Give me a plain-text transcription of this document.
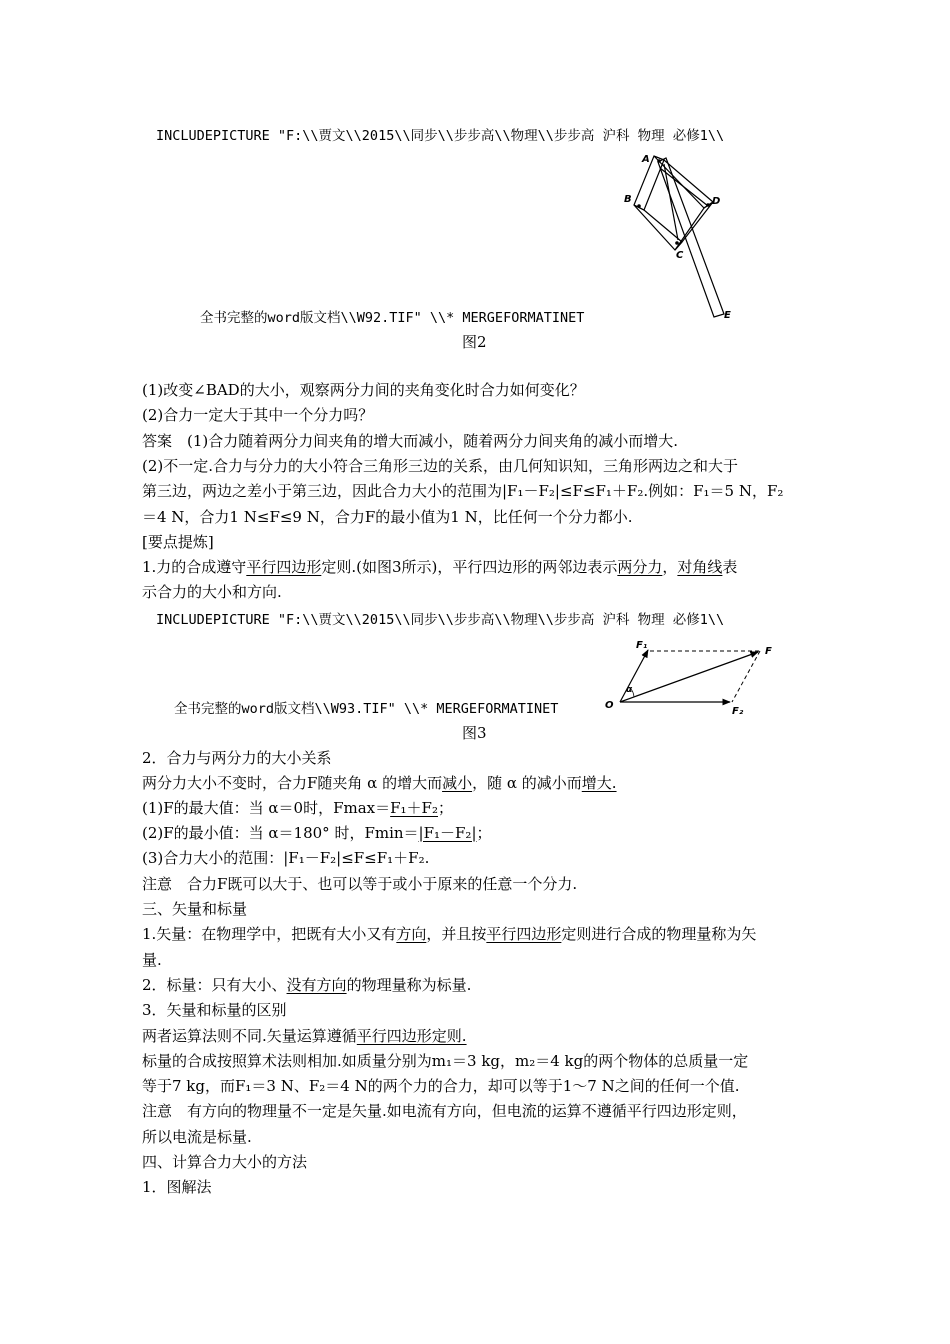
INCLUDEPICTURE "F:\\贾文\\2015\\同步\\步步高\\物理\\步步高 沪科 物理 必修1\\
A
B	D
C
E
全书完整的word版文档\\W92.TIF" \\* MERGEFORMATINET
图2
(1)改变∠BAD的大小，观察两分力间的夹角变化时合力如何变化？
(2)合力一定大于其中一个分力吗？
答案　(1)合力随着两分力间夹角的增大而减小，随着两分力间夹角的减小而增大.
(2)不一定.合力与分力的大小符合三角形三边的关系，由几何知识知，三角形两边之和大于
第三边，两边之差小于第三边，因此合力大小的范围为|F₁－F₂|≤F≤F₁＋F₂.例如：F₁＝5 N，F₂
＝4 N，合力1 N≤F≤9 N，合力F的最小值为1 N，比任何一个分力都小.
[要点提炼]
1.力的合成遵守平行四边形定则.(如图3所示)，平行四边形的两邻边表示两分力，对角线表
示合力的大小和方向.
INCLUDEPICTURE "F:\\贾文\\2015\\同步\\步步高\\物理\\步步高 沪科 物理 必修1\\
O
F₁
F
F₂
α
全书完整的word版文档\\W93.TIF" \\* MERGEFORMATINET
图3
2．合力与两分力的大小关系
两分力大小不变时，合力F随夹角 α 的增大而减小，随 α 的减小而增大.
(1)F的最大值：当 α＝0时，Fmax＝F₁＋F₂；
(2)F的最小值：当 α＝180° 时，Fmin＝|F₁－F₂|；
(3)合力大小的范围：|F₁－F₂|≤F≤F₁＋F₂.
注意　合力F既可以大于、也可以等于或小于原来的任意一个分力.
三、矢量和标量
1.矢量：在物理学中，把既有大小又有方向，并且按平行四边形定则进行合成的物理量称为矢
量.
2．标量：只有大小、没有方向的物理量称为标量.
3．矢量和标量的区别
两者运算法则不同.矢量运算遵循平行四边形定则.
标量的合成按照算术法则相加.如质量分别为m₁＝3 kg，m₂＝4 kg的两个物体的总质量一定
等于7 kg，而F₁＝3 N、F₂＝4 N的两个力的合力，却可以等于1～7 N之间的任何一个值.
注意　有方向的物理量不一定是矢量.如电流有方向，但电流的运算不遵循平行四边形定则，
所以电流是标量.
四、计算合力大小的方法
1．图解法
